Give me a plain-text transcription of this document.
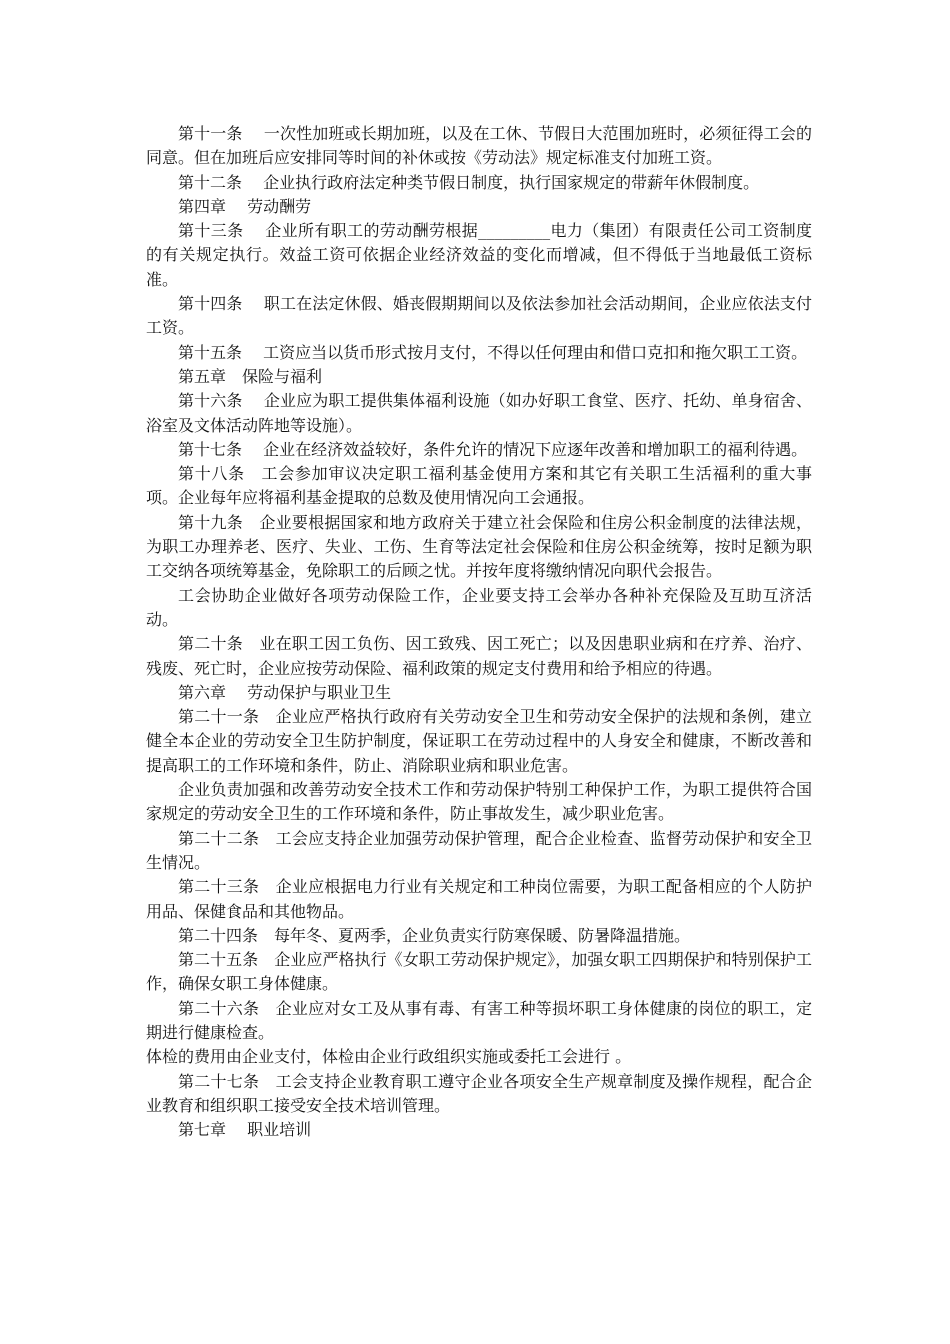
第十一条　 一次性加班或长期加班，以及在工休、节假日大范围加班时，必须征得工会的同意。但在加班后应安排同等时间的补休或按《劳动法》规定标准支付加班工资。

第十二条　 企业执行政府法定种类节假日制度，执行国家规定的带薪年休假制度。

第四章　 劳动酬劳

第十三条　 企业所有职工的劳动酬劳根据_________电力（集团）有限责任公司工资制度的有关规定执行。效益工资可依据企业经济效益的变化而增减，但不得低于当地最低工资标准。

第十四条　 职工在法定休假、婚丧假期期间以及依法参加社会活动期间，企业应依法支付工资。

第十五条　 工资应当以货币形式按月支付，不得以任何理由和借口克扣和拖欠职工工资。

第五章　保险与福利

第十六条　 企业应为职工提供集体福利设施（如办好职工食堂、医疗、托幼、单身宿舍、浴室及文体活动阵地等设施）。

第十七条　 企业在经济效益较好，条件允许的情况下应逐年改善和增加职工的福利待遇。

第十八条　工会参加审议决定职工福利基金使用方案和其它有关职工生活福利的重大事项。企业每年应将福利基金提取的总数及使用情况向工会通报。

第十九条　企业要根据国家和地方政府关于建立社会保险和住房公积金制度的法律法规，为职工办理养老、医疗、失业、工伤、生育等法定社会保险和住房公积金统筹，按时足额为职工交纳各项统筹基金，免除职工的后顾之忧。并按年度将缴纳情况向职代会报告。

工会协助企业做好各项劳动保险工作，企业要支持工会举办各种补充保险及互助互济活动。

第二十条　业在职工因工负伤、因工致残、因工死亡；以及因患职业病和在疗养、治疗、残废、死亡时，企业应按劳动保险、福利政策的规定支付费用和给予相应的待遇。

第六章　 劳动保护与职业卫生

第二十一条　企业应严格执行政府有关劳动安全卫生和劳动安全保护的法规和条例，建立健全本企业的劳动安全卫生防护制度，保证职工在劳动过程中的人身安全和健康，不断改善和提高职工的工作环境和条件，防止、消除职业病和职业危害。

企业负责加强和改善劳动安全技术工作和劳动保护特别工种保护工作，为职工提供符合国家规定的劳动安全卫生的工作环境和条件，防止事故发生，减少职业危害。

第二十二条　工会应支持企业加强劳动保护管理，配合企业检查、监督劳动保护和安全卫生情况。

第二十三条　企业应根据电力行业有关规定和工种岗位需要，为职工配备相应的个人防护用品、保健食品和其他物品。

第二十四条　每年冬、夏两季，企业负责实行防寒保暖、防暑降温措施。

第二十五条　企业应严格执行《女职工劳动保护规定》，加强女职工四期保护和特别保护工作，确保女职工身体健康。

第二十六条　企业应对女工及从事有毒、有害工种等损坏职工身体健康的岗位的职工，定期进行健康检查。

体检的费用由企业支付，体检由企业行政组织实施或委托工会进行 。

第二十七条　工会支持企业教育职工遵守企业各项安全生产规章制度及操作规程，配合企业教育和组织职工接受安全技术培训管理。

第七章　 职业培训
